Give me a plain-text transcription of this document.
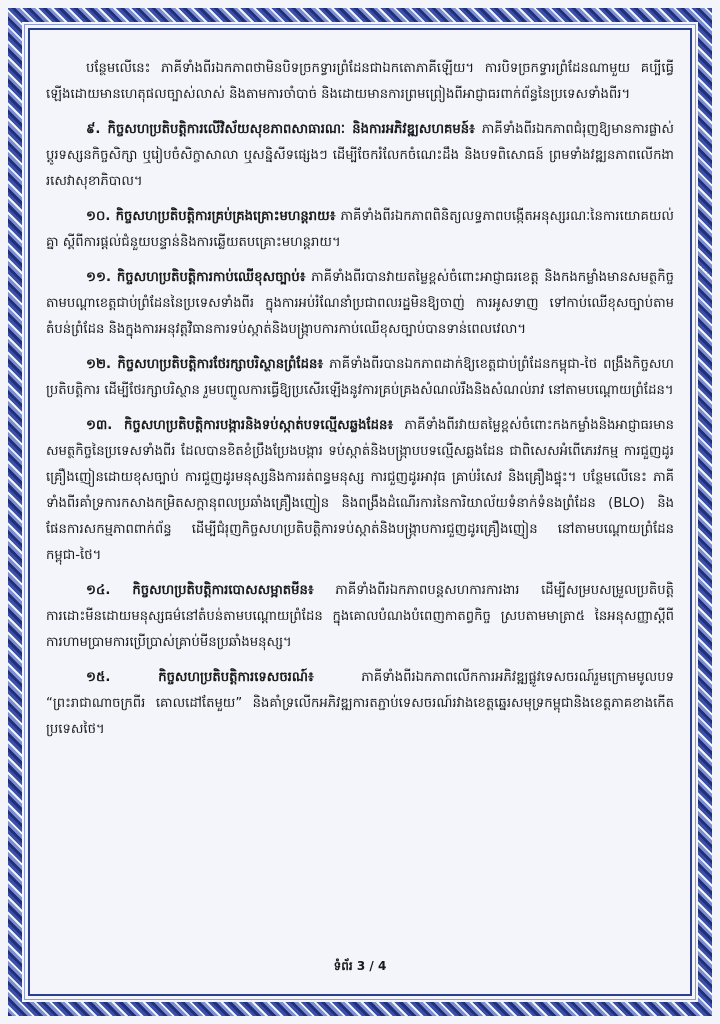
បន្ថែមលើនេះ ភាគីទាំងពីរឯកភាពថាមិនបិទច្រកទ្វារព្រំដែនជាឯកតោភាគីឡើយ។ ការបិទច្រកទ្វារព្រំដែនណាមួយ គប្បីធ្វើឡើងដោយមានហេតុផលច្បាស់លាស់ និងតាមការចាំបាច់ និងដោយមានការព្រមព្រៀងពីអាជ្ញាធរពាក់ព័ន្ធនៃប្រទេសទាំងពីរ។

៩. កិច្ចសហប្រតិបត្តិការលើវិស័យសុខភាពសាធារណៈ និងការអភិវឌ្ឍសហគមន៍៖ ភាគីទាំងពីរឯកភាពជំរុញឱ្យមានការផ្លាស់ប្តូរទស្សនកិច្ចសិក្សា ឬរៀបចំសិក្ខាសាលា ឬសន្និសីទផ្សេងៗ ដើម្បីចែករំលែកចំណេះដឹង និងបទពិសោធន៍ ព្រមទាំងវឌ្ឍនភាពលើកងារសេវាសុខាភិបាល។

១០. កិច្ចសហប្រតិបត្តិការគ្រប់គ្រងគ្រោះមហន្តរាយ៖ ភាគីទាំងពីរឯកភាពពិនិត្យលទ្ធភាពបង្កើតអនុស្សរណៈនៃការយោគយល់គ្នា ស្តីពីការផ្តល់ជំនួយបន្ទាន់និងការឆ្លើយតបគ្រោះមហន្តរាយ។

១១. កិច្ចសហប្រតិបត្តិការកាប់ឈើខុសច្បាប់៖ ភាគីទាំងពីរបានវាយតម្លៃខ្ពស់ចំពោះអាជ្ញាធរខេត្ត និងកងកម្លាំងមានសមត្ថកិច្ចតាមបណ្តាខេត្តជាប់ព្រំដែននៃប្រទេសទាំងពីរ ក្នុងការអប់រំណែនាំប្រជាពលរដ្ឋមិនឱ្យចាញ់ ការអូសទាញ ទៅកាប់ឈើខុសច្បាប់តាមតំបន់ព្រំដែន និងក្នុងការអនុវត្តវិធានការទប់ស្កាត់និងបង្រ្កាបការកាប់ឈើខុសច្បាប់បានទាន់ពេលវេលា។

១២. កិច្ចសហប្រតិបត្តិការថែរក្សាបរិស្ថានព្រំដែន៖ ភាគីទាំងពីរបានឯកភាពដាក់ឱ្យខេត្តជាប់ព្រំដែនកម្ពុជា-ថៃ ពង្រឹងកិច្ចសហប្រតិបត្តិការ ដើម្បីថែរក្សាបរិស្ថាន រួមបញ្ចូលការធ្វើឱ្យប្រសើរឡើងនូវការគ្រប់គ្រងសំណល់រឹងនិងសំណល់រាវ នៅតាមបណ្តោយព្រំដែន។

១៣. កិច្ចសហប្រតិបត្តិការបង្ការនិងទប់ស្កាត់បទល្មើសឆ្លងដែន៖ ភាគីទាំងពីរវាយតម្លៃខ្ពស់ចំពោះកងកម្លាំងនិងអាជ្ញាធរមានសមត្ថកិច្ចនៃប្រទេសទាំងពីរ ដែលបានខិតខំប្រឹងប្រែងបង្ការ ទប់ស្កាត់និងបង្រ្កាបបទល្មើសឆ្លងដែន ជាពិសេសអំពើភេរវកម្ម ការជួញដូរគ្រឿងញៀនដោយខុសច្បាប់ ការជួញដូរមនុស្សនិងការរត់ពន្ធមនុស្ស ការជួញដូរអាវុធ គ្រាប់រំសេវ និងគ្រឿងផ្ទុះ។ បន្ថែមលើនេះ ភាគីទាំងពីរគាំទ្រការកសាងកម្រិតសក្តានុពលប្រឆាំងគ្រឿងញៀន និងពង្រឹងដំណើរការនៃការិយាល័យទំនាក់ទំនងព្រំដែន (BLO) និងផែនការសកម្មភាពពាក់ព័ន្ធ ដើម្បីជំរុញកិច្ចសហប្រតិបត្តិការទប់ស្កាត់និងបង្រ្កាបការជួញដូរគ្រឿងញៀន នៅតាមបណ្តោយព្រំដែនកម្ពុជា-ថៃ។

១៤. កិច្ចសហប្រតិបត្តិការបោសសម្អាតមីន៖ ភាគីទាំងពីរឯកភាពបន្តសហការការងារ ដើម្បីសម្របសម្រួលប្រតិបត្តិការដោះមីនដោយមនុស្សធម៌នៅតំបន់តាមបណ្តោយព្រំដែន ក្នុងគោលបំណងបំពេញកាតព្វកិច្ច ស្របតាមមាត្រា៥ នៃអនុសញ្ញាស្តីពីការហាមប្រាមការប្រើប្រាស់គ្រាប់មីនប្រឆាំងមនុស្ស។

១៥. កិច្ចសហប្រតិបត្តិការទេសចរណ៍៖ ភាគីទាំងពីរឯកភាពលើកការអភិវឌ្ឍផ្លូវទេសចរណ៍រួមក្រោមមូលបទ “ព្រះរាជាណាចក្រពីរ គោលដៅតែមួយ” និងគាំទ្រលើកអភិវឌ្ឍការតភ្ជាប់ទេសចរណ៍រវាងខេត្តឆ្នេរសមុទ្រកម្ពុជានិងខេត្តភាគខាងកើតប្រទេសថៃ។

ទំព័រ 3 / 4
